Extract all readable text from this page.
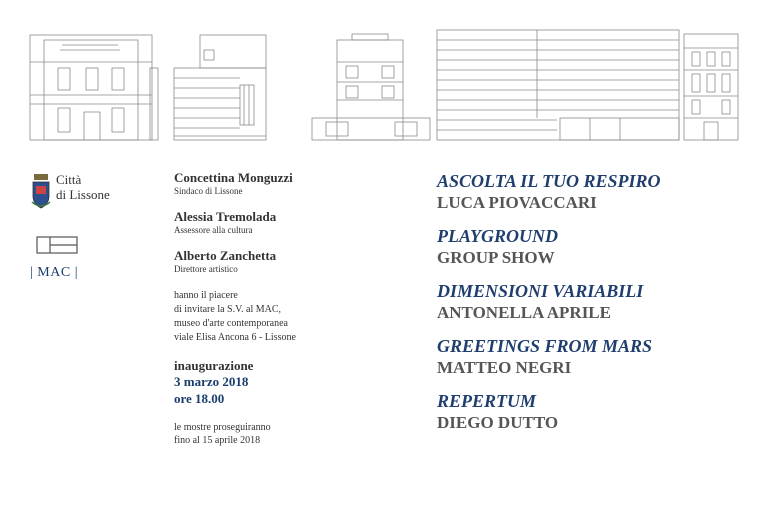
Città
di Lissone
| MAC |
Concettina Monguzzi
Sindaco di Lissone
Alessia Tremolada
Assessore alla cultura
Alberto Zanchetta
Direttore artistico
hanno il piacere
di invitare la S.V. al MAC,
museo d'arte contemporanea
viale Elisa Ancona 6 - Lissone
inaugurazione
3 marzo 2018
ore 18.00
le mostre proseguiranno
fino al 15 aprile 2018
ASCOLTA IL TUO RESPIRO
LUCA PIOVACCARI
PLAYGROUND
GROUP SHOW
DIMENSIONI VARIABILI
ANTONELLA APRILE
GREETINGS FROM MARS
MATTEO NEGRI
REPERTUM
DIEGO DUTTO
